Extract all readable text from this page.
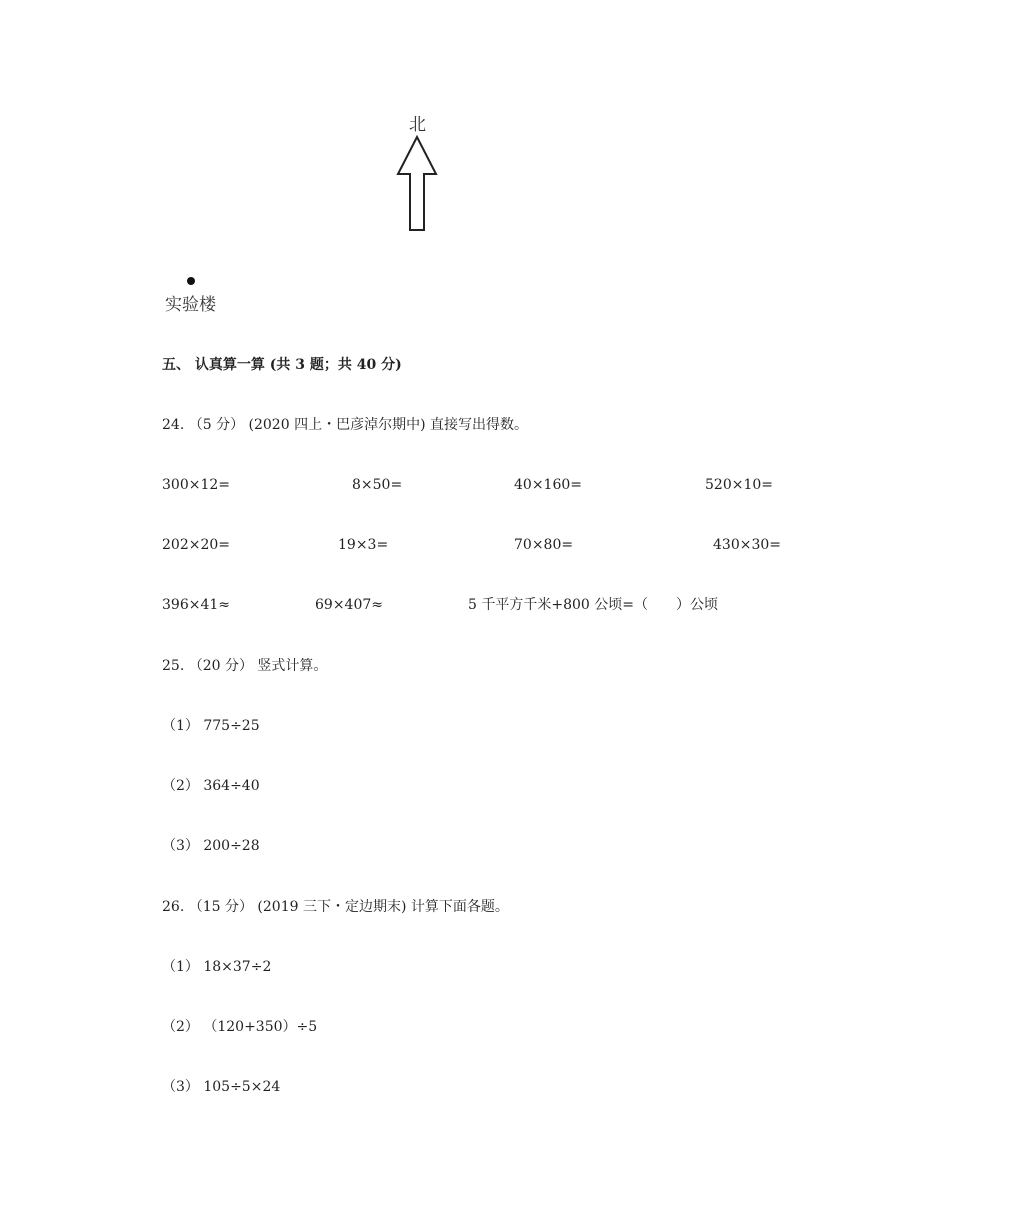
北
实验楼
五、 认真算一算 (共 3 题；共 40 分)
24. （5 分） (2020 四上・巴彦淖尔期中) 直接写出得数。
300×12=	8×50=	40×160=	520×10=
202×20=	19×3=	70×80=	430×30=
396×41≈	69×407≈	5 千平方千米+800 公顷=（　　）公顷
25. （20 分） 竖式计算。
（1） 775÷25
（2） 364÷40
（3） 200÷28
26. （15 分） (2019 三下・定边期末) 计算下面各题。
（1） 18×37÷2
（2） （120+350）÷5
（3） 105÷5×24
